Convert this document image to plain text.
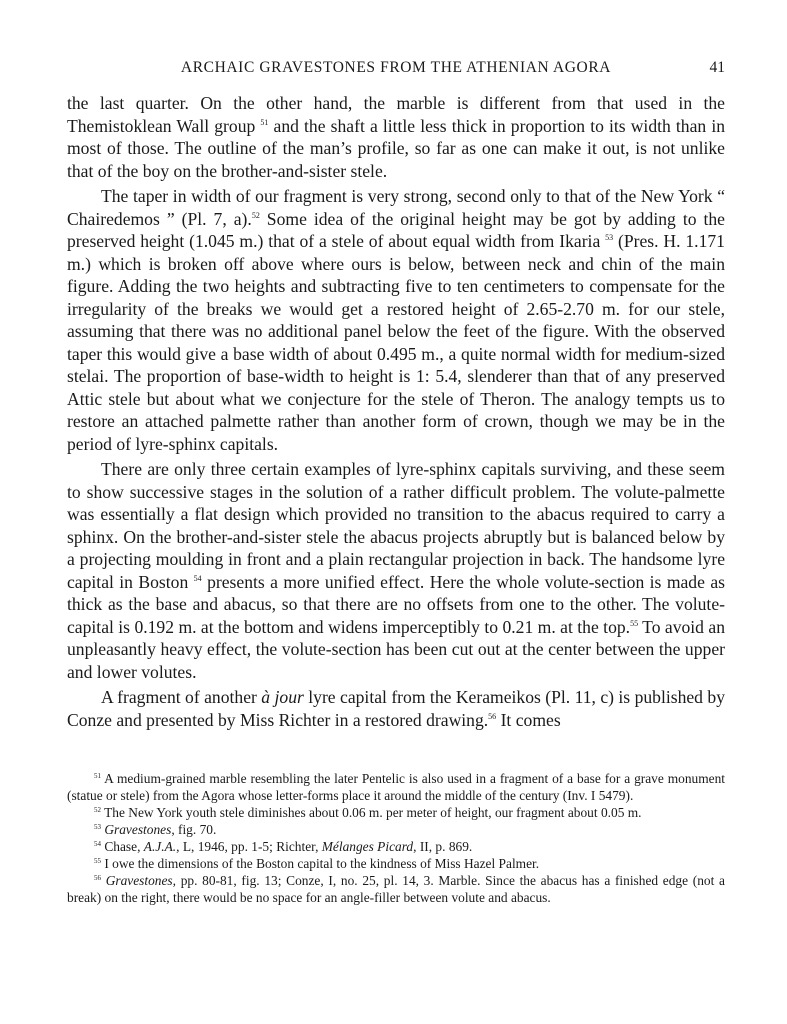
ARCHAIC GRAVESTONES FROM THE ATHENIAN AGORA	41

the last quarter. On the other hand, the marble is different from that used in the Themistoklean Wall group $^{51}$ and the shaft a little less thick in proportion to its width than in most of those. The outline of the man’s profile, so far as one can make it out, is not unlike that of the boy on the brother-and-sister stele.

The taper in width of our fragment is very strong, second only to that of the New York “ Chairedemos ” (Pl. 7, a).$^{52}$ Some idea of the original height may be got by adding to the preserved height (1.045 m.) that of a stele of about equal width from Ikaria $^{53}$ (Pres. H. 1.171 m.) which is broken off above where ours is below, between neck and chin of the main figure. Adding the two heights and subtracting five to ten centimeters to compensate for the irregularity of the breaks we would get a restored height of 2.65-2.70 m. for our stele, assuming that there was no additional panel below the feet of the figure. With the observed taper this would give a base width of about 0.495 m., a quite normal width for medium-sized stelai. The proportion of base-width to height is 1: 5.4, slenderer than that of any preserved Attic stele but about what we conjecture for the stele of Theron. The analogy tempts us to restore an attached palmette rather than another form of crown, though we may be in the period of lyre-sphinx capitals.

There are only three certain examples of lyre-sphinx capitals surviving, and these seem to show successive stages in the solution of a rather difficult problem. The volute-palmette was essentially a flat design which provided no transition to the abacus required to carry a sphinx. On the brother-and-sister stele the abacus projects abruptly but is balanced below by a projecting moulding in front and a plain rectangular projection in back. The handsome lyre capital in Boston $^{54}$ presents a more unified effect. Here the whole volute-section is made as thick as the base and abacus, so that there are no offsets from one to the other. The volute-capital is 0.192 m. at the bottom and widens imperceptibly to 0.21 m. at the top.$^{55}$ To avoid an unpleasantly heavy effect, the volute-section has been cut out at the center between the upper and lower volutes.

A fragment of another à jour lyre capital from the Kerameikos (Pl. 11, c) is published by Conze and presented by Miss Richter in a restored drawing.$^{56}$ It comes

$^{51}$ A medium-grained marble resembling the later Pentelic is also used in a fragment of a base for a grave monument (statue or stele) from the Agora whose letter-forms place it around the middle of the century (Inv. I 5479).

$^{52}$ The New York youth stele diminishes about 0.06 m. per meter of height, our fragment about 0.05 m.

$^{53}$ Gravestones, fig. 70.

$^{54}$ Chase, A.J.A., L, 1946, pp. 1-5; Richter, Mélanges Picard, II, p. 869.

$^{55}$ I owe the dimensions of the Boston capital to the kindness of Miss Hazel Palmer.

$^{56}$ Gravestones, pp. 80-81, fig. 13; Conze, I, no. 25, pl. 14, 3. Marble. Since the abacus has a finished edge (not a break) on the right, there would be no space for an angle-filler between volute and abacus.
